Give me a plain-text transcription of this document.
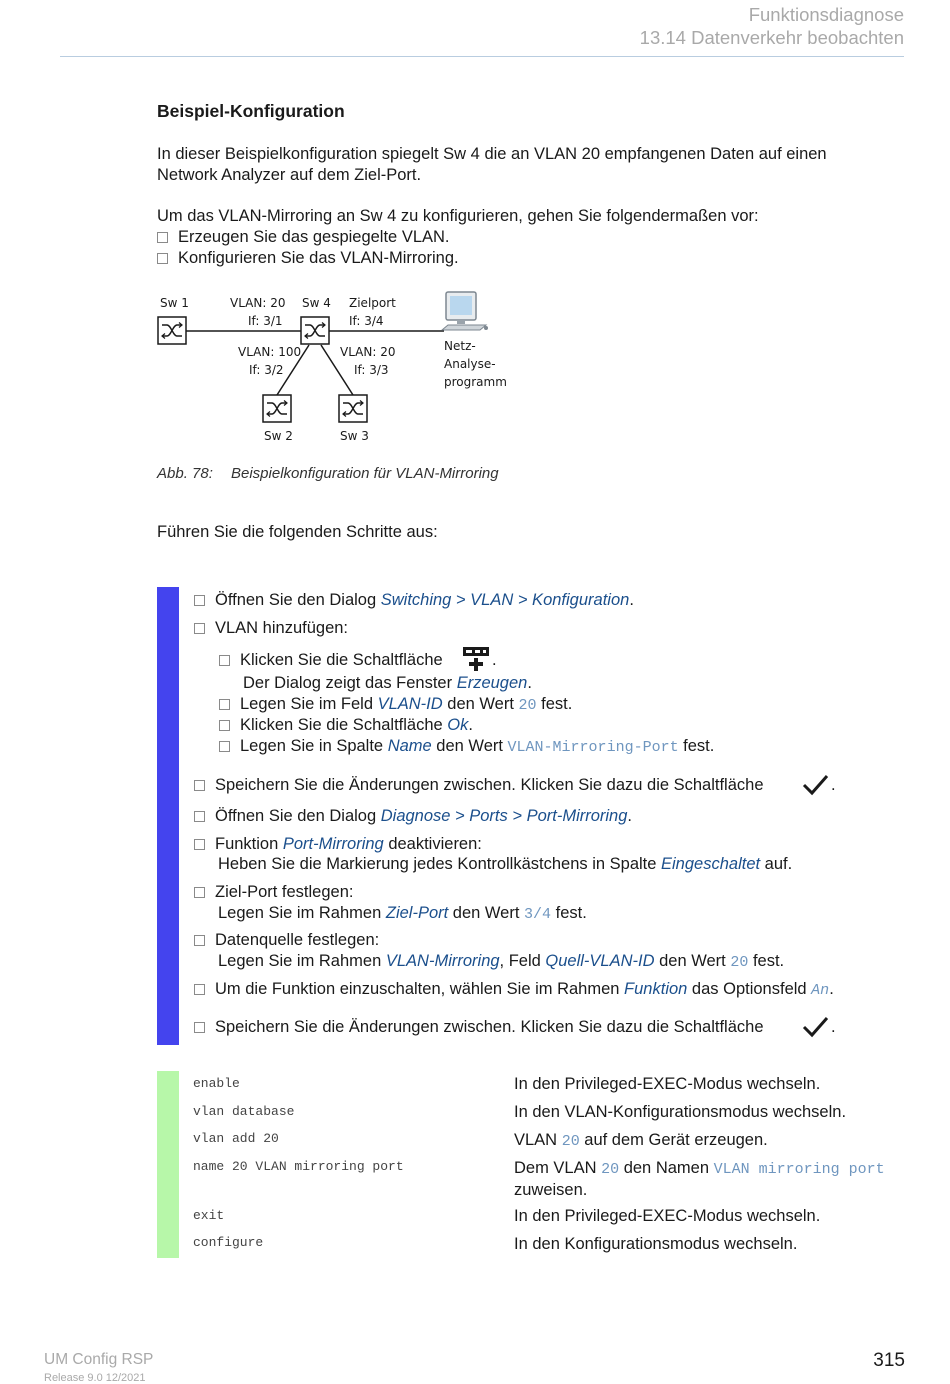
Funktionsdiagnose
13.14 Datenverkehr beobachten
Beispiel-Konfiguration
In dieser Beispielkonfiguration spiegelt Sw 4 die an VLAN 20 empfangenen Daten auf einen Network Analyzer auf dem Ziel-Port.
Um das VLAN-Mirroring an Sw 4 zu konfigurieren, gehen Sie folgendermaßen vor:
Erzeugen Sie das gespiegelte VLAN.
Konfigurieren Sie das VLAN-Mirroring.
Sw 1	VLAN: 20
If: 3/1
Sw 4 Zielport
If: 3/4
VLAN: 100
If: 3/2
VLAN: 20
If: 3/3
Netz-
Analyse-
programm
Sw 2	Sw 3
Abb. 78: Beispielkonfiguration für VLAN-Mirroring
Führen Sie die folgenden Schritte aus:
Öffnen Sie den Dialog Switching > VLAN > Konfiguration.
VLAN hinzufügen:
Klicken Sie die Schaltfläche	.
Der Dialog zeigt das Fenster Erzeugen.
Legen Sie im Feld VLAN-ID den Wert 20 fest.
Klicken Sie die Schaltfläche Ok.
Legen Sie in Spalte Name den Wert VLAN-Mirroring-Port fest.
Speichern Sie die Änderungen zwischen. Klicken Sie dazu die Schaltfläche	.
Öffnen Sie den Dialog Diagnose > Ports > Port-Mirroring.
Funktion Port-Mirroring deaktivieren:
Heben Sie die Markierung jedes Kontrollkästchens in Spalte Eingeschaltet auf.
Ziel-Port festlegen:
Legen Sie im Rahmen Ziel-Port den Wert 3/4 fest.
Datenquelle festlegen:
Legen Sie im Rahmen VLAN-Mirroring, Feld Quell-VLAN-ID den Wert 20 fest.
Um die Funktion einzuschalten, wählen Sie im Rahmen Funktion das Optionsfeld An.
Speichern Sie die Änderungen zwischen. Klicken Sie dazu die Schaltfläche	.
enable	In den Privileged-EXEC-Modus wechseln.
vlan database	In den VLAN-Konfigurationsmodus wechseln.
vlan add 20	VLAN 20 auf dem Gerät erzeugen.
name 20 VLAN mirroring port	Dem VLAN 20 den Namen VLAN mirroring port
zuweisen.
exit	In den Privileged-EXEC-Modus wechseln.
configure	In den Konfigurationsmodus wechseln.
UM Config RSP
Release 9.0 12/2021
315
